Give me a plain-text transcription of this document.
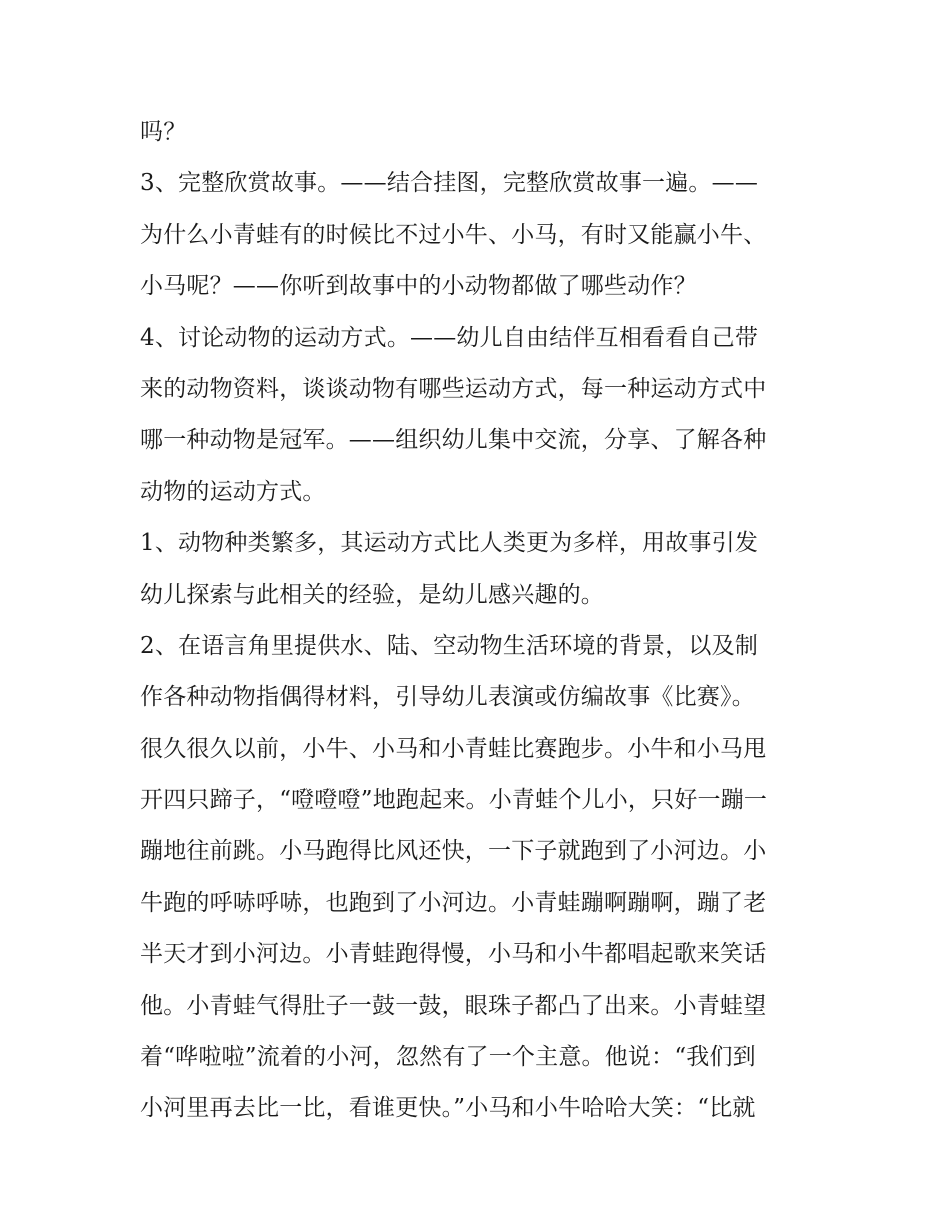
吗？
3、完整欣赏故事。——结合挂图，完整欣赏故事一遍。——
为什么小青蛙有的时候比不过小牛、小马，有时又能赢小牛、
小马呢？——你听到故事中的小动物都做了哪些动作？
4、讨论动物的运动方式。——幼儿自由结伴互相看看自己带
来的动物资料，谈谈动物有哪些运动方式，每一种运动方式中
哪一种动物是冠军。——组织幼儿集中交流，分享、了解各种
动物的运动方式。
1、动物种类繁多，其运动方式比人类更为多样，用故事引发
幼儿探索与此相关的经验，是幼儿感兴趣的。
2、在语言角里提供水、陆、空动物生活环境的背景，以及制
作各种动物指偶得材料，引导幼儿表演或仿编故事《比赛》。
很久很久以前，小牛、小马和小青蛙比赛跑步。小牛和小马甩
开四只蹄子，“噔噔噔”地跑起来。小青蛙个儿小，只好一蹦一
蹦地往前跳。小马跑得比风还快，一下子就跑到了小河边。小
牛跑的呼哧呼哧，也跑到了小河边。小青蛙蹦啊蹦啊，蹦了老
半天才到小河边。小青蛙跑得慢，小马和小牛都唱起歌来笑话
他。小青蛙气得肚子一鼓一鼓，眼珠子都凸了出来。小青蛙望
着“哗啦啦”流着的小河，忽然有了一个主意。他说：“我们到
小河里再去比一比，看谁更快。”小马和小牛哈哈大笑：“比就
